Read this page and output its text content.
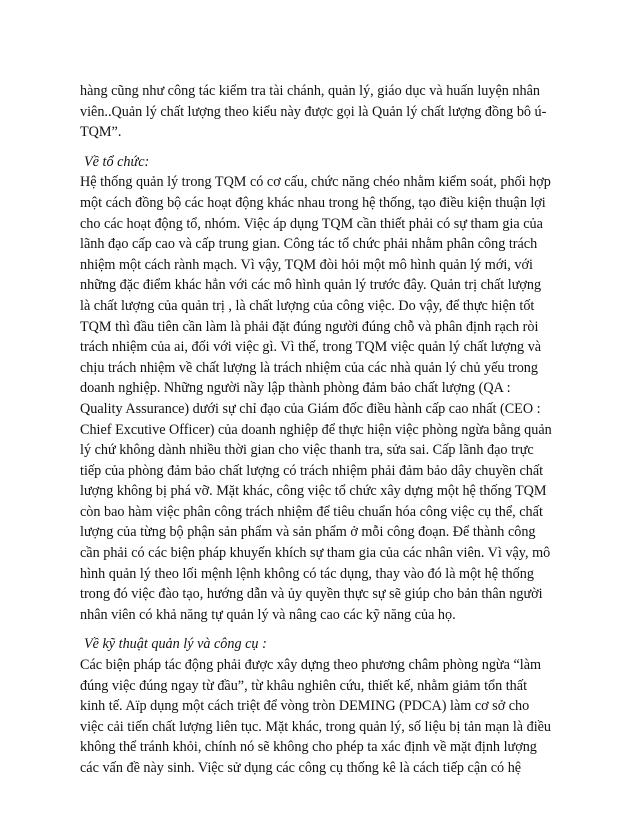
hàng cũng như công tác kiểm tra tài chánh, quản lý, giáo dục và huấn luyện nhân
viên..Quản lý chất lượng theo kiểu này được gọi là Quản lý chất lượng đồng bô ú-
TQM”.
Về tổ chức:
Hệ thống quản lý trong TQM có cơ cấu, chức năng chéo nhằm kiểm soát, phối hợp
một cách đồng bộ các hoạt động khác nhau trong hệ thống, tạo điều kiện thuận lợi
cho các hoạt động tổ, nhóm. Việc áp dụng TQM cần thiết phải có sự tham gia của
lãnh đạo cấp cao và cấp trung gian. Công tác tổ chức phải nhằm phân công trách
nhiệm một cách rành mạch. Vì vậy, TQM đòi hỏi một mô hình quản lý mới, với
những đặc điểm khác hẳn với các mô hình quản lý trước đây. Quản trị chất lượng
là chất lượng của quản trị , là chất lượng của công việc. Do vậy, để thực hiện tốt
TQM thì đầu tiên cần làm là phải đặt đúng người đúng chỗ và phân định rạch ròi
trách nhiệm của ai, đối với việc gì. Vì thế, trong TQM việc quản lý chất lượng và
chịu trách nhiệm về chất lượng là trách nhiệm của các nhà quản lý chủ yếu trong
doanh nghiệp. Những người nầy lập thành phòng đảm bảo chất lượng (QA :
Quality Assurance) dưới sự chỉ đạo của Giám đốc điều hành cấp cao nhất (CEO :
Chief Excutive Officer) của doanh nghiệp để thực hiện việc phòng ngừa bằng quản
lý chứ không dành nhiều thời gian cho việc thanh tra, sửa sai. Cấp lãnh đạo trực
tiếp của phòng đảm bảo chất lượng có trách nhiệm phải đảm bảo dây chuyền chất
lượng không bị phá vỡ. Mặt khác, công việc tổ chức xây dựng một hệ thống TQM
còn bao hàm việc phân công trách nhiệm để tiêu chuẩn hóa công việc cụ thể, chất
lượng của từng bộ phận sản phẩm và sản phẩm ở mỗi công đoạn. Để thành công
cần phải có các biện pháp khuyến khích sự tham gia của các nhân viên. Vì vậy, mô
hình quản lý theo lối mệnh lệnh không có tác dụng, thay vào đó là một hệ thống
trong đó việc đào tạo, hướng dẫn và ủy quyền thực sự sẽ giúp cho bản thân người
nhân viên có khả năng tự quản lý và nâng cao các kỹ năng của họ.
Về kỹ thuật quản lý và công cụ :
Các biện pháp tác động phải được xây dựng theo phương châm phòng ngừa “làm
đúng việc đúng ngay từ đầu”, từ khâu nghiên cứu, thiết kế, nhằm giảm tổn thất
kinh tế. Aïp dụng một cách triệt để vòng tròn DEMING (PDCA) làm cơ sở cho
việc cải tiến chất lượng liên tục. Mặt khác, trong quản lý, số liệu bị tản mạn là điều
không thể tránh khỏi, chính nó sẽ không cho phép ta xác định về mặt định lượng
các vấn đề này sinh. Việc sử dụng các công cụ thống kê là cách tiếp cận có hệ
